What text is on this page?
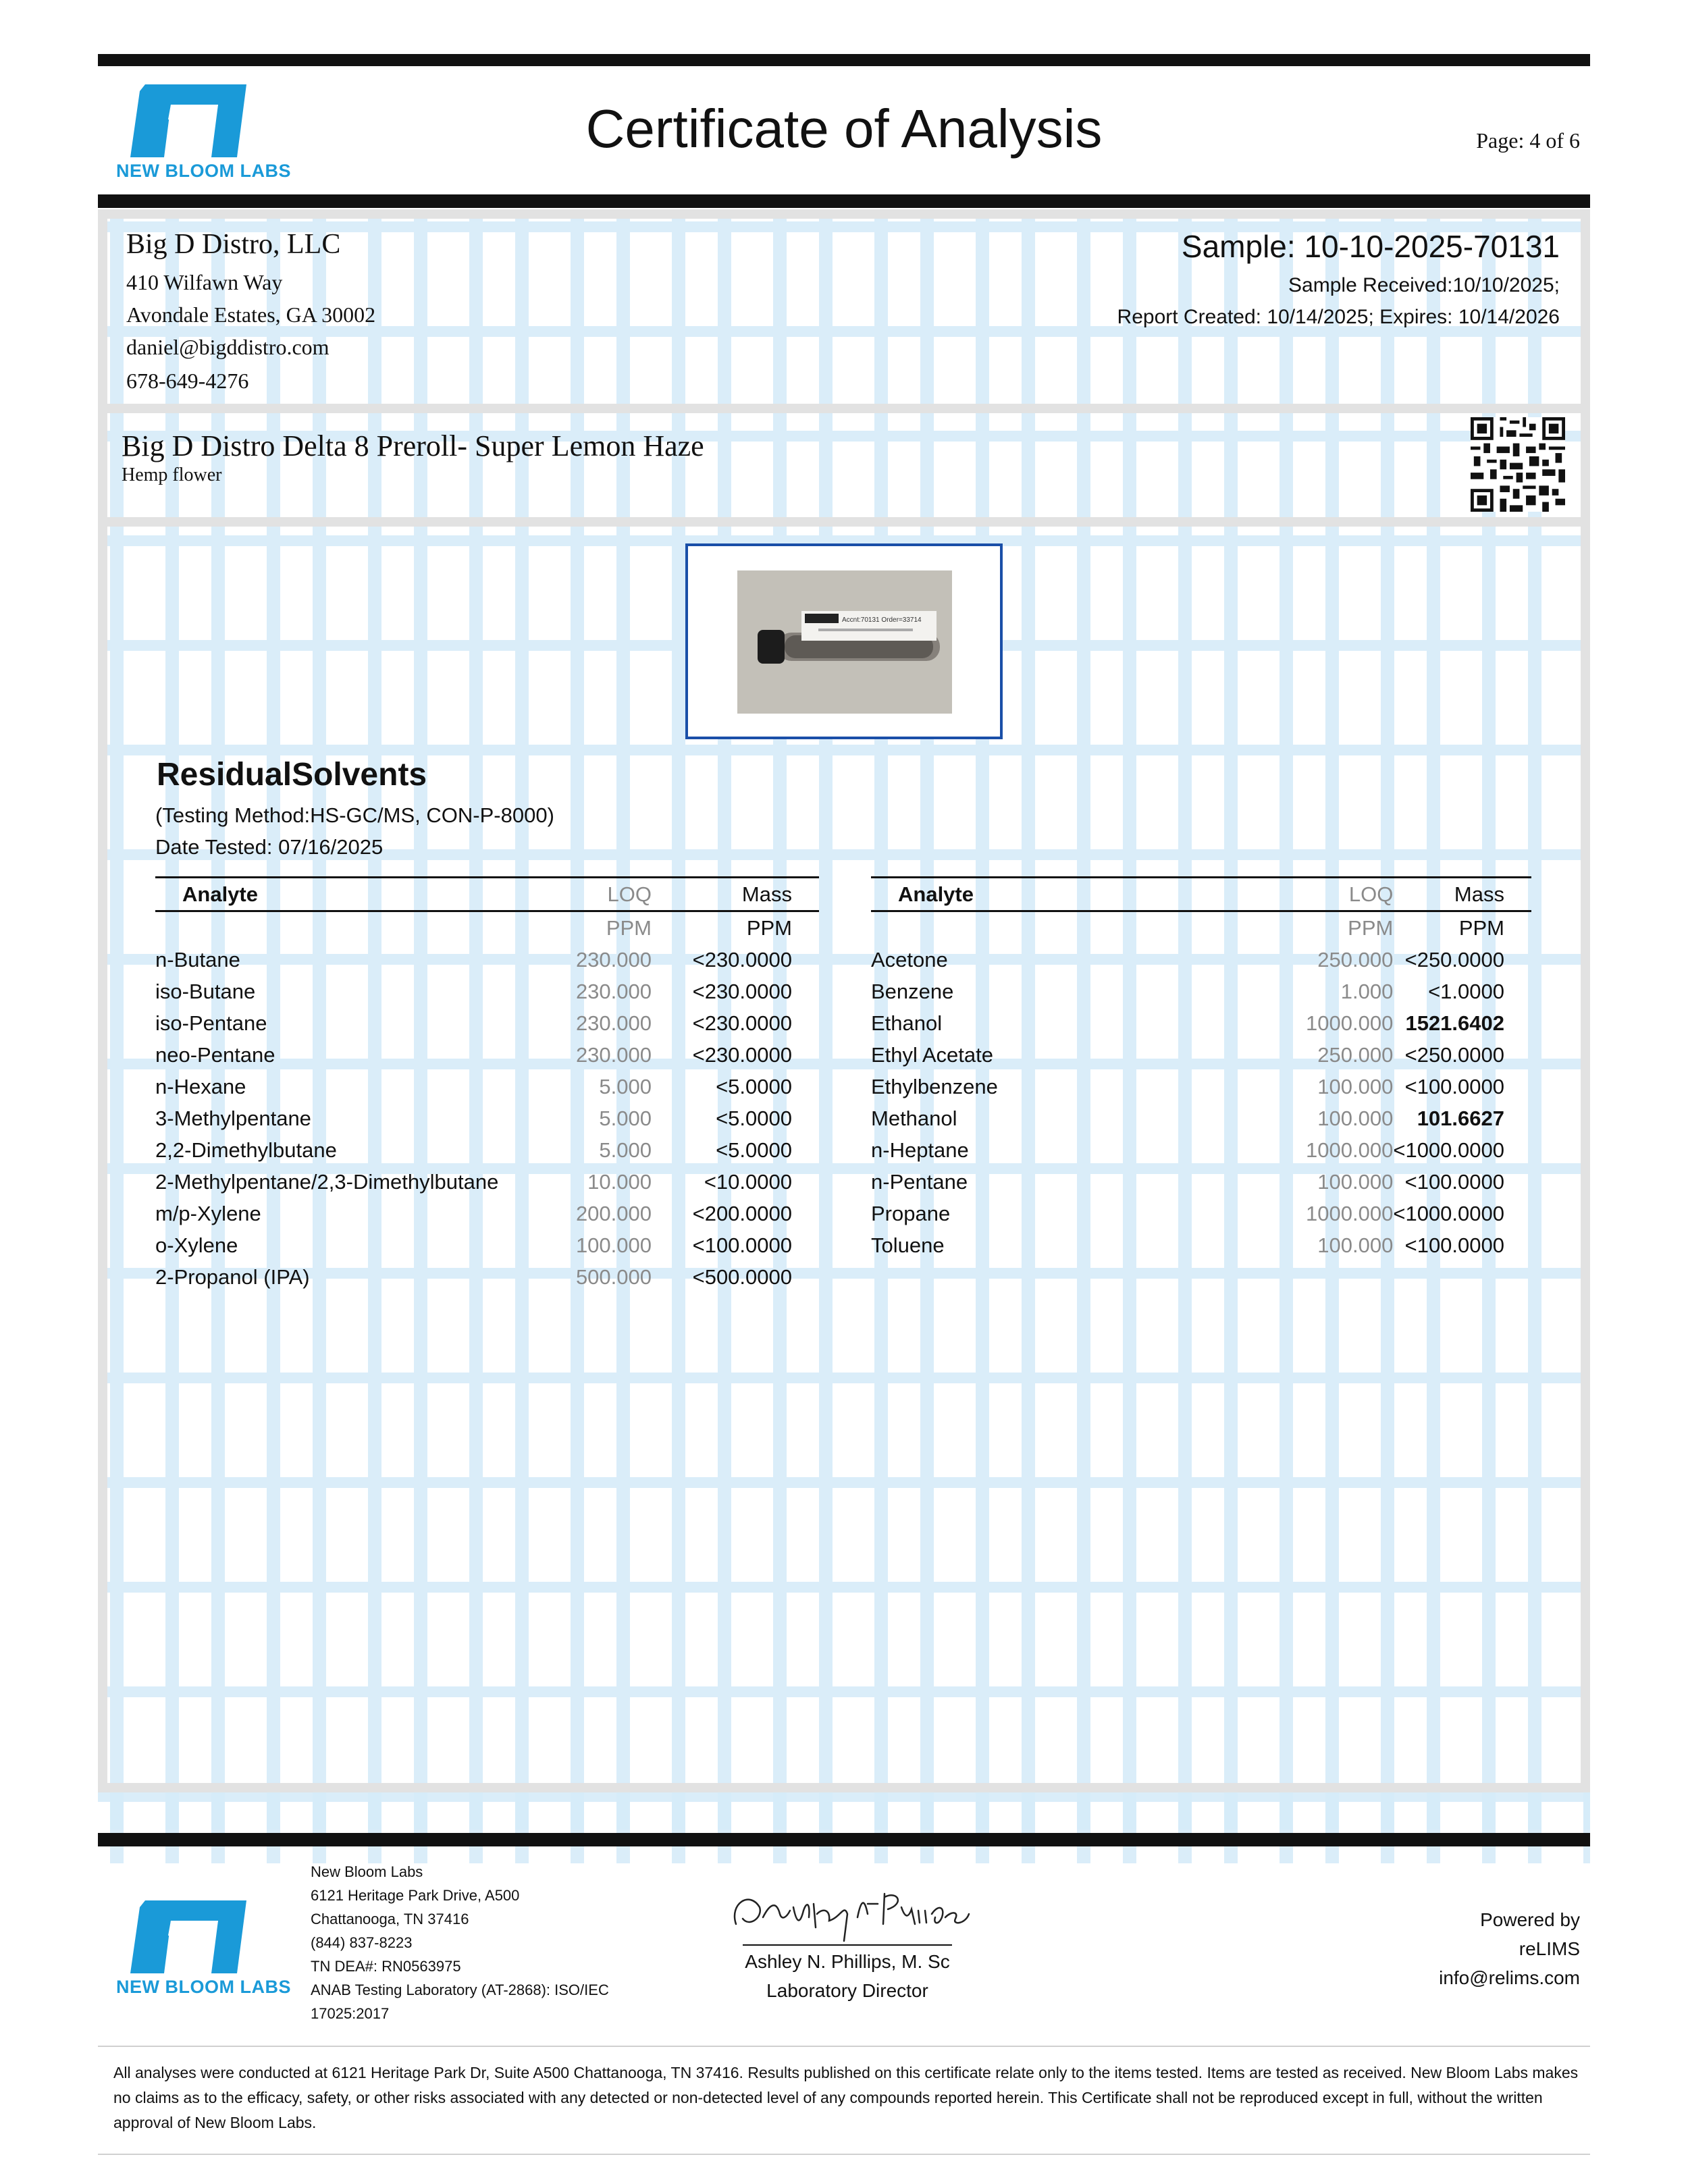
NEW BLOOM LABS
Certificate of Analysis	Page: 4 of 6
Big D Distro, LLC
410 Wilfawn Way
Avondale Estates, GA 30002
daniel@bigddistro.com
678-649-4276
Sample: 10-10-2025-70131
Sample Received:10/10/2025;
Report Created: 10/14/2025; Expires: 10/14/2026
Big D Distro Delta 8 Preroll- Super Lemon Haze
Hemp flower
Accnt:70131 Order=33714
ResidualSolvents
(Testing Method:HS-GC/MS, CON-P-8000)
Date Tested: 07/16/2025
Analyte	LOQ	Mass
	PPM	PPM
n-Butane	230.000	<230.0000
iso-Butane	230.000	<230.0000
iso-Pentane	230.000	<230.0000
neo-Pentane	230.000	<230.0000
n-Hexane	5.000	<5.0000
3-Methylpentane	5.000	<5.0000
2,2-Dimethylbutane	5.000	<5.0000
2-Methylpentane/2,3-Dimethylbutane	10.000	<10.0000
m/p-Xylene	200.000	<200.0000
o-Xylene	100.000	<100.0000
2-Propanol (IPA)	500.000	<500.0000
Analyte	LOQ	Mass
	PPM	PPM
Acetone	250.000	<250.0000
Benzene	1.000	<1.0000
Ethanol	1000.000	1521.6402
Ethyl Acetate	250.000	<250.0000
Ethylbenzene	100.000	<100.0000
Methanol	100.000	101.6627
n-Heptane	1000.000	<1000.0000
n-Pentane	100.000	<100.0000
Propane	1000.000	<1000.0000
Toluene	100.000	<100.0000
NEW BLOOM LABS
New Bloom Labs
6121 Heritage Park Drive, A500
Chattanooga, TN 37416
(844) 837-8223
TN DEA#: RN0563975
ANAB Testing Laboratory (AT-2868): ISO/IEC
17025:2017
Ashley N. Phillips, M. Sc
Laboratory Director
Powered by
reLIMS
info@relims.com
All analyses were conducted at 6121 Heritage Park Dr, Suite A500 Chattanooga, TN 37416. Results published on this certificate relate only to the items tested. Items are tested as received. New Bloom Labs makes no claims as to the efficacy, safety, or other risks associated with any detected or non-detected level of any compounds reported herein. This Certificate shall not be reproduced except in full, without the written approval of New Bloom Labs.
